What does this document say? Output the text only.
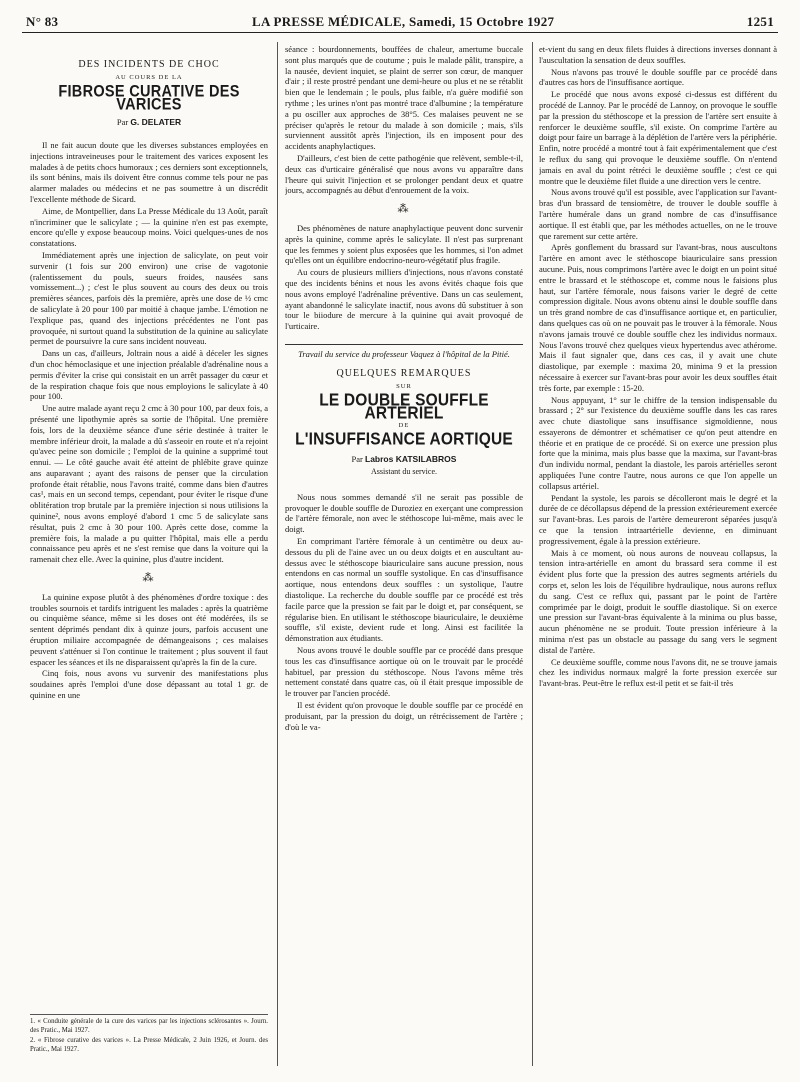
N° 83	LA PRESSE MÉDICALE, Samedi, 15 Octobre 1927	1251
DES INCIDENTS DE CHOC
AU COURS DE LA
FIBROSE CURATIVE DES VARICES
Par G. DELATER

Il ne fait aucun doute que les diverses substances employées en injections intraveineuses pour le traitement des varices exposent les malades à de petits chocs humoraux ; ces derniers sont exceptionnels, ils sont bénins, mais ils doivent être connus comme tels pour ne pas alarmer malades ou médecins et ne pas soumettre à un discrédit l'excellente méthode de Sicard.

Aime, de Montpellier, dans La Presse Médicale du 13 Août, paraît n'incriminer que le salicylate ; — la quinine n'en est pas exempte, encore qu'elle y expose beaucoup moins. Voici quelques-unes de nos constatations.

Immédiatement après une injection de salicylate, on peut voir survenir (1 fois sur 200 environ) une crise de vagotonie (ralentissement du pouls, sueurs froides, nausées sans vomissement...) ; c'est le plus souvent au cours des deux ou trois premières séances, parfois dès la première, après une dose de ½ cmc de salicylate à 20 pour 100 par moitié à chaque jambe. L'émotion ne l'explique pas, quand des injections précédentes ne l'ont pas provoquée, ni surtout quand la substitution de la quinine au salicylate permet de poursuivre la cure sans incident nouveau.

Dans un cas, d'ailleurs, Joltrain nous a aidé à déceler les signes d'un choc hémoclasique et une injection préalable d'adrénaline nous a permis d'éviter la crise qui consistait en un arrêt passager du cœur et de la respiration chaque fois que nous employions le salicylate à 40 pour 100.

Une autre malade ayant reçu 2 cmc à 30 pour 100, par deux fois, a présenté une lipothymie après sa sortie de l'hôpital. Une première fois, lors de la deuxième séance d'une série destinée à traiter le membre inférieur droit, la malade a dû s'asseoir en route et n'a rejoint qu'avec peine son domicile ; l'emploi de la quinine a supprimé tout ennui. — Le côté gauche avait été atteint de phlébite grave quinze ans auparavant ; ayant des raisons de penser que la circulation profonde était rétablie, nous l'avons traité, comme dans bien d'autres cas¹, mais en un second temps, cependant, pour éviter le risque d'une oblitération trop brutale par la première injection si nous utilisions la quinine², nous avons employé d'abord 1 cmc 5 de salicylate sans résultat, puis 2 cmc à 30 pour 100. Après cette dose, comme la première fois, la malade a pu quitter l'hôpital, mais elle a perdu connaissance peu après et ne s'est remise que dans la voiture qui la ramenait chez elle. Avec la quinine, plus d'autre incident.

⁂

La quinine expose plutôt à des phénomènes d'ordre toxique : des troubles sournois et tardifs intriguent les malades : après la quatrième ou cinquième séance, même si les doses ont été modérées, ils se sentent déprimés pendant dix à quinze jours, parfois accusent une éruption miliaire accompagnée de démangeaisons ; ces malaises peuvent s'atténuer si l'on continue le traitement ; plus souvent il faut espacer les séances et ils ne disparaissent qu'après la fin de la cure.

Cinq fois, nous avons vu survenir des manifestations plus soudaines après l'emploi d'une dose dépassant au total 1 gr. de quinine en une

1. « Conduite générale de la cure des varices par les injections sclérosantes ». Journ. des Pratic., Mai 1927.
2. « Fibrose curative des varices ». La Presse Médicale, 2 Juin 1926, et Journ. des Pratic., Mai 1927.

séance : bourdonnements, bouffées de chaleur, amertume buccale sont plus marqués que de coutume ; puis le malade pâlit, transpire, a la nausée, devient inquiet, se plaint de serrer son cœur, de manquer d'air ; il reste prostré pendant une demi-heure ou plus et ne se rétablit bien que le lendemain ; le pouls, plus faible, n'a guère modifié son rythme ; les urines n'ont pas montré trace d'albumine ; la température a pu osciller aux approches de 38°5. Ces malaises peuvent ne se préciser qu'après le retour du malade à son domicile ; mais, s'ils surviennent aussitôt après l'injection, ils en imposent pour des accidents anaphylactiques.

D'ailleurs, c'est bien de cette pathogénie que relèvent, semble-t-il, deux cas d'urticaire généralisé que nous avons vu apparaître dans l'heure qui suivit l'injection et se prolonger pendant deux et quatre jours, accompagnés au début d'enrouement de la voix.

⁂

Des phénomènes de nature anaphylactique peuvent donc survenir après la quinine, comme après le salicylate. Il n'est pas surprenant que les femmes y soient plus exposées que les hommes, si l'on admet qu'elles ont un équilibre endocrino-neuro-végétatif plus fragile.

Au cours de plusieurs milliers d'injections, nous n'avons constaté que des incidents bénins et nous les avons évités chaque fois que nous avons employé l'adrénaline préventive. Dans un cas seulement, ayant abandonné le salicylate inactif, nous avons dû substituer à son tour le biiodure de mercure à la quinine qui avait provoqué de l'urticaire.

Travail du service du professeur Vaquez à l'hôpital de la Pitié.
QUELQUES REMARQUES
SUR
LE DOUBLE SOUFFLE ARTÉRIEL
DE
L'INSUFFISANCE AORTIQUE
Par Labros KATSILABROS
Assistant du service.

Nous nous sommes demandé s'il ne serait pas possible de provoquer le double souffle de Duroziez en exerçant une compression de l'artère fémorale, non avec le stéthoscope lui-même, mais avec le doigt.

En comprimant l'artère fémorale à un centimètre ou deux au-dessous du pli de l'aine avec un ou deux doigts et en auscultant au-dessus avec le stéthoscope biauriculaire sans aucune pression, nous entendons en cas normal un souffle systolique. En cas d'insuffisance aortique, nous entendons deux souffles : un systolique, l'autre diastolique. La recherche du double souffle par ce procédé est très facile parce que la pression se fait par le doigt et, par conséquent, se régularise bien. En utilisant le stéthoscope biauriculaire, le deuxième souffle, s'il existe, devient rude et long. Ainsi est facilitée la démonstration aux étudiants.

Nous avons trouvé le double souffle par ce procédé dans presque tous les cas d'insuffisance aortique où on le trouvait par le procédé habituel, par pression du stéthoscope. Nous l'avons même très nettement constaté dans quatre cas, où il était presque impossible de le trouver par l'ancien procédé.

Il est évident qu'on provoque le double souffle par ce procédé en produisant, par la pression du doigt, un rétrécissement de l'artère ; d'où le va-

et-vient du sang en deux filets fluides à directions inverses donnant à l'auscultation la sensation de deux souffles.

Nous n'avons pas trouvé le double souffle par ce procédé dans d'autres cas hors de l'insuffisance aortique.

Le procédé que nous avons exposé ci-dessus est différent du procédé de Lannoy. Par le procédé de Lannoy, on provoque le souffle par la pression du stéthoscope et la pression de l'artère sert ensuite à renforcer le deuxième souffle, s'il existe. On comprime l'artère au doigt pour faire un barrage à la déplétion de l'artère vers la périphérie. Enfin, notre procédé a montré tout à fait expérimentalement que c'est le reflux du sang qui provoque le deuxième souffle. On n'entend jamais en aval du point rétréci le deuxième souffle ; c'est ce qui montre que le deuxième filet fluide a une direction vers le centre.

Nous avons trouvé qu'il est possible, avec l'application sur l'avant-bras d'un brassard de tensiomètre, de trouver le double souffle à l'artère humérale dans un grand nombre de cas d'insuffisance aortique. Il est établi que, par les méthodes actuelles, on ne le trouve que rarement sur cette artère.

Après gonflement du brassard sur l'avant-bras, nous auscultons l'artère en amont avec le stéthoscope biauriculaire sans pression aucune. Puis, nous comprimons l'artère avec le doigt en un point situé entre le brassard et le stéthoscope et, comme nous le faisions plus haut, sur l'artère fémorale, nous faisons varier le degré de cette compression digitale. Nous avons obtenu ainsi le double souffle dans un très grand nombre de cas d'insuffisance aortique et, en particulier, dans quelques cas où on ne pouvait pas le trouver à la fémorale. Nous n'avons jamais trouvé ce double souffle chez les individus normaux. Nous l'avons trouvé chez quelques vieux hypertendus avec athérome. Mais il faut signaler que, dans ces cas, il y avait une chute diastolique, par exemple : maxima 20, minima 9 et la pression nécessaire à exercer sur l'avant-bras pour avoir les deux souffles était très forte, par exemple : 15-20.

Nous appuyant, 1° sur le chiffre de la tension indispensable du brassard ; 2° sur l'existence du deuxième souffle dans les cas rares avec chute diastolique sans insuffisance sigmoïdienne, nous essayerons de démontrer et schématiser ce qu'on peut attendre en théorie et en pratique de ce procédé. Si on exerce une pression plus forte que la minima, mais plus basse que la maxima, sur l'avant-bras d'un individu normal, pendant la diastole, les parois artérielles seront appliquées l'une contre l'autre, nous aurons ce que l'on appelle un collapsus artériel.

Pendant la systole, les parois se décolleront mais le degré et la durée de ce décollapsus dépend de la pression extérieurement exercée sur l'avant-bras. Les parois de l'artère demeureront séparées jusqu'à ce que la tension intraartérielle devienne, en diminuant progressivement, égale à la pression extérieure.

Mais à ce moment, où nous aurons de nouveau collapsus, la tension intra-artérielle en amont du brassard sera comme il est évident plus forte que la pression des autres segments artériels du corps et, selon les lois de l'équilibre hydraulique, nous aurons reflux du sang. C'est ce reflux qui, passant par le point de l'artère comprimée par le doigt, produit le souffle diastolique. Si on exerce une pression sur l'avant-bras équivalente à la minima ou plus basse, aucun phénomène ne se produit. Toute pression inférieure à la minima n'est pas un obstacle au passage du sang vers le segment distal de l'artère.

Ce deuxième souffle, comme nous l'avons dit, ne se trouve jamais chez les individus normaux malgré la forte pression exercée sur l'avant-bras. Peut-être le reflux est-il petit et se fait-il très
